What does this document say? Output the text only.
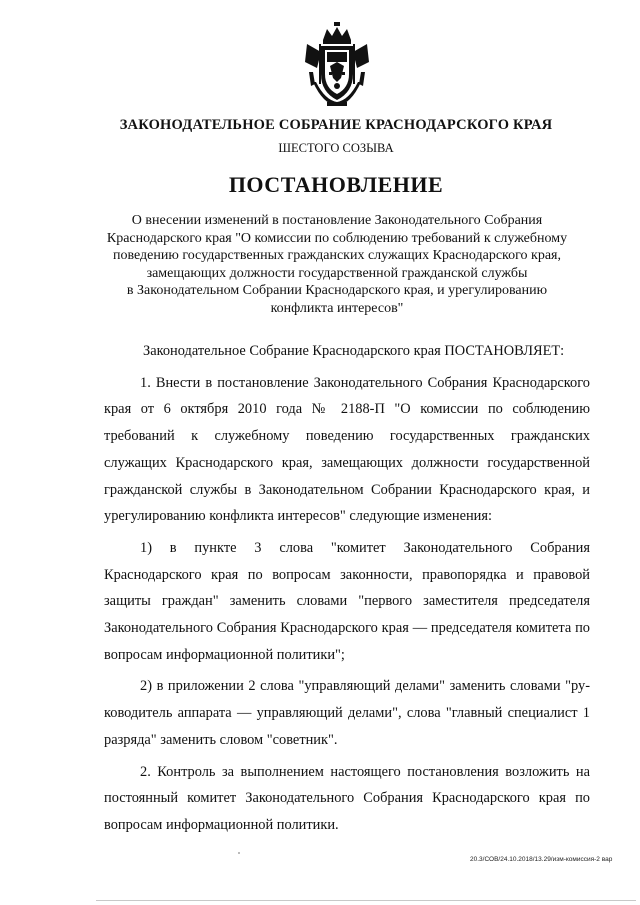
ЗАКОНОДАТЕЛЬНОЕ СОБРАНИЕ КРАСНОДАРСКОГО КРАЯ
ШЕСТОГО СОЗЫВА
ПОСТАНОВЛЕНИЕ
О внесении изменений в постановление Законодательного Собрания
Краснодарского края "О комиссии по соблюдению требований к служебному
поведению государственных гражданских служащих Краснодарского края,
замещающих должности государственной гражданской службы
в Законодательном Собрании Краснодарского края, и урегулированию
конфликта интересов"

Законодательное Собрание Краснодарского края ПОСТАНОВЛЯЕТ:

1. Внести в постановление Законодательного Собрания Краснодарского края от 6 октября 2010 года № 2188-П "О комиссии по соблюдению требований к служебному поведению государственных гражданских служащих Краснодарского края, замещающих должности государственной гражданской службы в Законодательном Собрании Краснодарского края, и урегулированию конфликта интересов" следующие изменения:

1) в пункте 3 слова "комитет Законодательного Собрания Краснодарского края по вопросам законности, правопорядка и правовой защиты граждан" заменить словами "первого заместителя председателя Законодательного Собрания Краснодарского края — председателя комитета по вопросам информационной политики";

2) в приложении 2 слова "управляющий делами" заменить словами "руководитель аппарата — управляющий делами", слова "главный специалист 1 разряда" заменить словом "советник".

2. Контроль за выполнением настоящего постановления возложить на постоянный комитет Законодательного Собрания Краснодарского края по вопросам информационной политики.

20.3/СОВ/24.10.2018/13.29/изм-комиссия-2 вар
